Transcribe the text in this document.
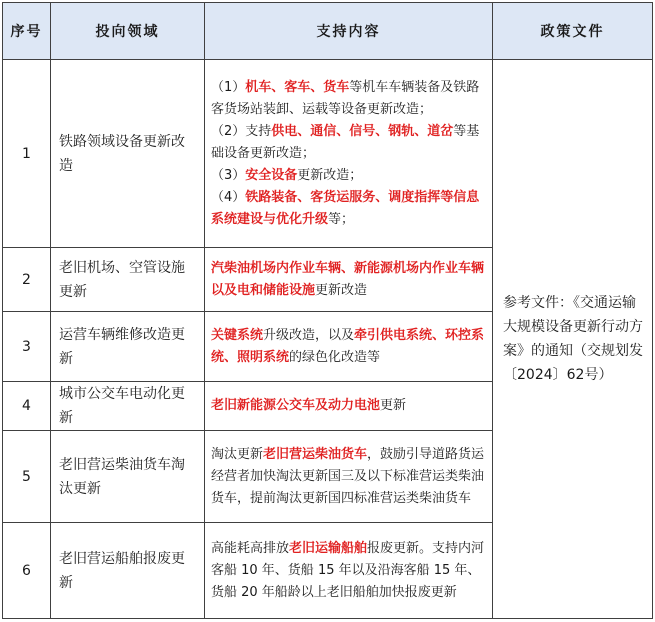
序号	投向领域	支持内容	政策文件
1	铁路领域设备更新改造	（1）机车、客车、货车等机车车辆装备及铁路客货场站装卸、运载等设备更新改造；
（2）支持供电、通信、信号、钢轨、道岔等基础设备更新改造；
（3）安全设备更新改造；
（4）铁路装备、客货运服务、调度指挥等信息系统建设与优化升级等；	参考文件：《交通运输大规模设备更新行动方案》的通知（交规划发〔2024〕62号）
2	老旧机场、空管设施更新	汽柴油机场内作业车辆、新能源机场内作业车辆以及电和储能设施更新改造	
3	运营车辆维修改造更新	关键系统升级改造，以及牵引供电系统、环控系统、照明系统的绿色化改造等	
4	城市公交车电动化更新	老旧新能源公交车及动力电池更新	
5	老旧营运柴油货车淘汰更新	淘汰更新老旧营运柴油货车，鼓励引导道路货运经营者加快淘汰更新国三及以下标准营运类柴油货车，提前淘汰更新国四标准营运类柴油货车	
6	老旧营运船舶报废更新	高能耗高排放老旧运输船舶报废更新。支持内河客船 10 年、货船 15 年以及沿海客船 15 年、货船 20 年船龄以上老旧船舶加快报废更新	
